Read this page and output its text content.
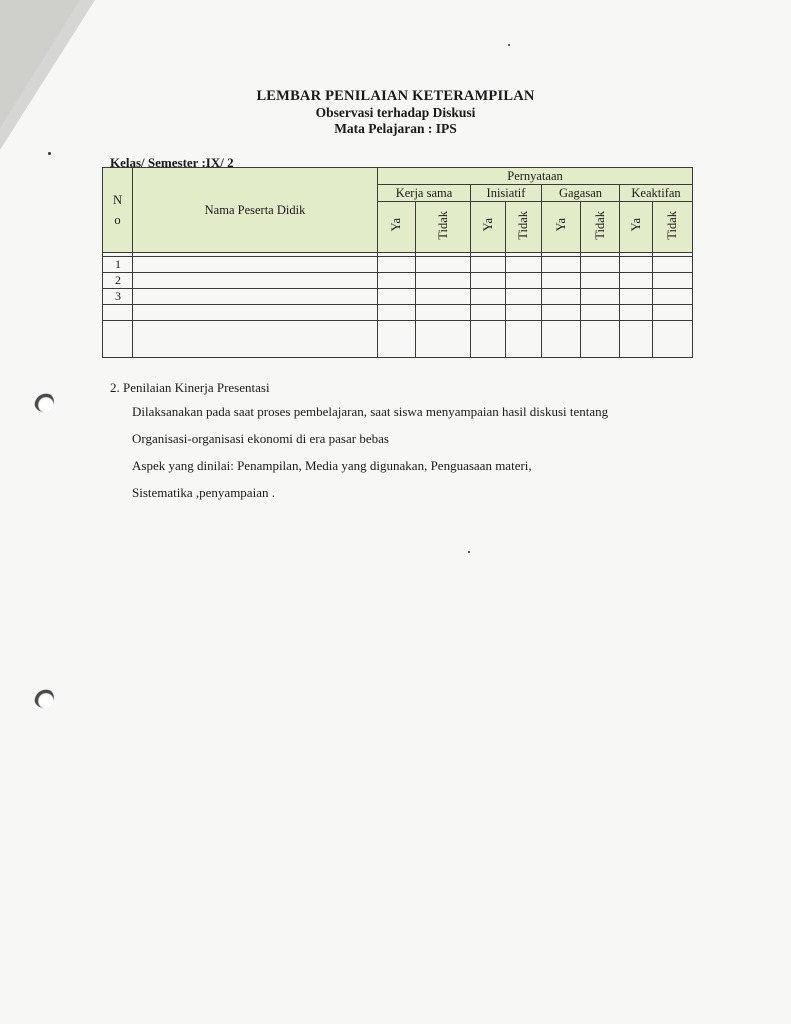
LEMBAR PENILAIAN KETERAMPILAN
Observasi terhadap Diskusi
Mata Pelajaran : IPS
Kelas/ Semester :IX/ 2
N o	Nama Peserta Didik	Pernyataan							
		Kerja sama		Inisiatif		Gagasan		Keaktifan	
		Ya	Tidak	Ya	Tidak	Ya	Tidak	Ya	Tidak

1									
2									
3									

2. Penilaian Kinerja Presentasi
Dilaksanakan pada saat proses pembelajaran, saat siswa menyampaian hasil diskusi tentang
Organisasi-organisasi ekonomi di era pasar bebas
Aspek yang dinilai: Penampilan, Media yang digunakan, Penguasaan materi,
Sistematika ,penyampaian .
